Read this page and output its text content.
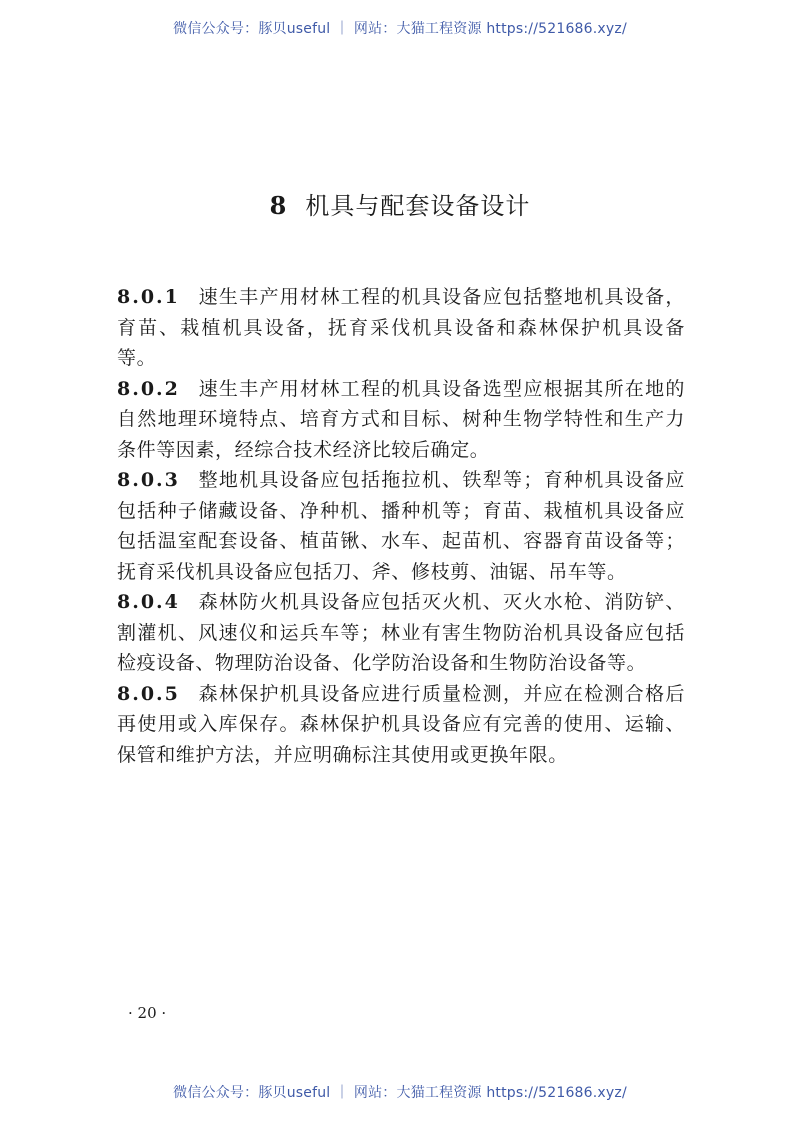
微信公众号：豚贝useful ｜ 网站：大猫工程资源 https://521686.xyz/
8 机具与配套设备设计

8.0.1 速生丰产用材林工程的机具设备应包括整地机具设备，育苗、栽植机具设备，抚育采伐机具设备和森林保护机具设备等。

8.0.2 速生丰产用材林工程的机具设备选型应根据其所在地的自然地理环境特点、培育方式和目标、树种生物学特性和生产力条件等因素，经综合技术经济比较后确定。

8.0.3 整地机具设备应包括拖拉机、铁犁等；育种机具设备应包括种子储藏设备、净种机、播种机等；育苗、栽植机具设备应包括温室配套设备、植苗锹、水车、起苗机、容器育苗设备等；抚育采伐机具设备应包括刀、斧、修枝剪、油锯、吊车等。

8.0.4 森林防火机具设备应包括灭火机、灭火水枪、消防铲、割灌机、风速仪和运兵车等；林业有害生物防治机具设备应包括检疫设备、物理防治设备、化学防治设备和生物防治设备等。

8.0.5 森林保护机具设备应进行质量检测，并应在检测合格后再使用或入库保存。森林保护机具设备应有完善的使用、运输、保管和维护方法，并应明确标注其使用或更换年限。

· 20 ·
微信公众号：豚贝useful ｜ 网站：大猫工程资源 https://521686.xyz/
